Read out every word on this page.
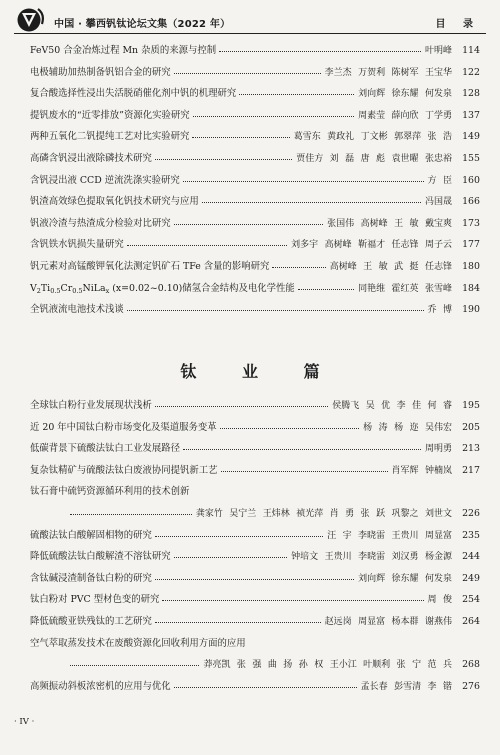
中国 · 攀西钒钛论坛文集（2022 年）	目 录
FeV50 合金冶炼过程 Mn 杂质的来源与控制	叶明峰	114
电极辅助加热制备钒铝合金的研究	李兰杰 万贺利 陈树军 王宝华	122
复合酸选择性浸出失活脱硝催化剂中钒的机理研究	刘向辉 徐东耀 何发泉	128
提钒废水的“近零排放”资源化实验研究	周素莹 薛向欣 丁学勇	137
两种五氧化二钒提纯工艺对比实验研究	葛雪东 黄政礼 丁文彬 郭翠萍 张 浩	149
高磷含钒浸出液除磷技术研究	贾佳方 刘 磊 唐 彪 袁世曜 张忠裕	155
含钒浸出液 CCD 逆流洗涤实验研究	方 臣	160
钒渣高效绿色提取氧化钒技术研究与应用	冯国晟	166
钒液冷渣与热渣成分检验对比研究	张国伟 高树峰 王 敏 戴宝爽	173
含钒铁水钒损失量研究	刘多宇 高树峰 靳福才 任志锋 周子云	177
钒元素对高锰酸钾氧化法测定钒矿石 TFe 含量的影响研究	高树峰 王 敏 武 挺 任志锋	180
$V_2Ti_{0.5}Cr_{0.5}NiLa_x$ (x=0.02~0.10)储氢合金结构及电化学性能	同艳维 霍红英 张雪峰	184
全钒液流电池技术浅谈	乔 博	190
钛 业 篇
全球钛白粉行业发展现状浅析	侯腾飞 吴 优 李 佳 何 睿	195
近 20 年中国钛白粉市场变化及渠道服务变革	杨 涛 杨 迩 吴伟宏	205
低碳背景下硫酸法钛白工业发展路径	周明勇	213
复杂钛精矿与硫酸法钛白废液协同提钒新工艺	肖军辉 钟楠岚	217
钛石膏中硫钙资源循环利用的技术创新
龚家竹 吴宁兰 王炜林 祯光萍 肖 勇 张 跃 巩黎之 刘世文	226
硫酸法钛白酸解固相物的研究	汪 宇 李晓雷 王贵川 周显富	235
降低硫酸法钛白酸解渣不溶钛研究	钟培文 王贵川 李晓雷 刘汉勇 杨金源	244
含钛碱浸渣制备钛白粉的研究	刘向辉 徐东耀 何发泉	249
钛白粉对 PVC 型材色变的研究	周 俊	254
降低硫酸亚铁残钛的工艺研究	赵远岗 周显富 杨本群 谢燕伟	264
空气萃取蒸发技术在废酸资源化回收利用方面的应用
莽亮凯 张 强 曲 扬 孙 权 王小江 叶顺利 张 宁 范 兵	268
高频振动斜板浓密机的应用与优化	孟长春 彭雪清 李 锴	276
· IV ·
